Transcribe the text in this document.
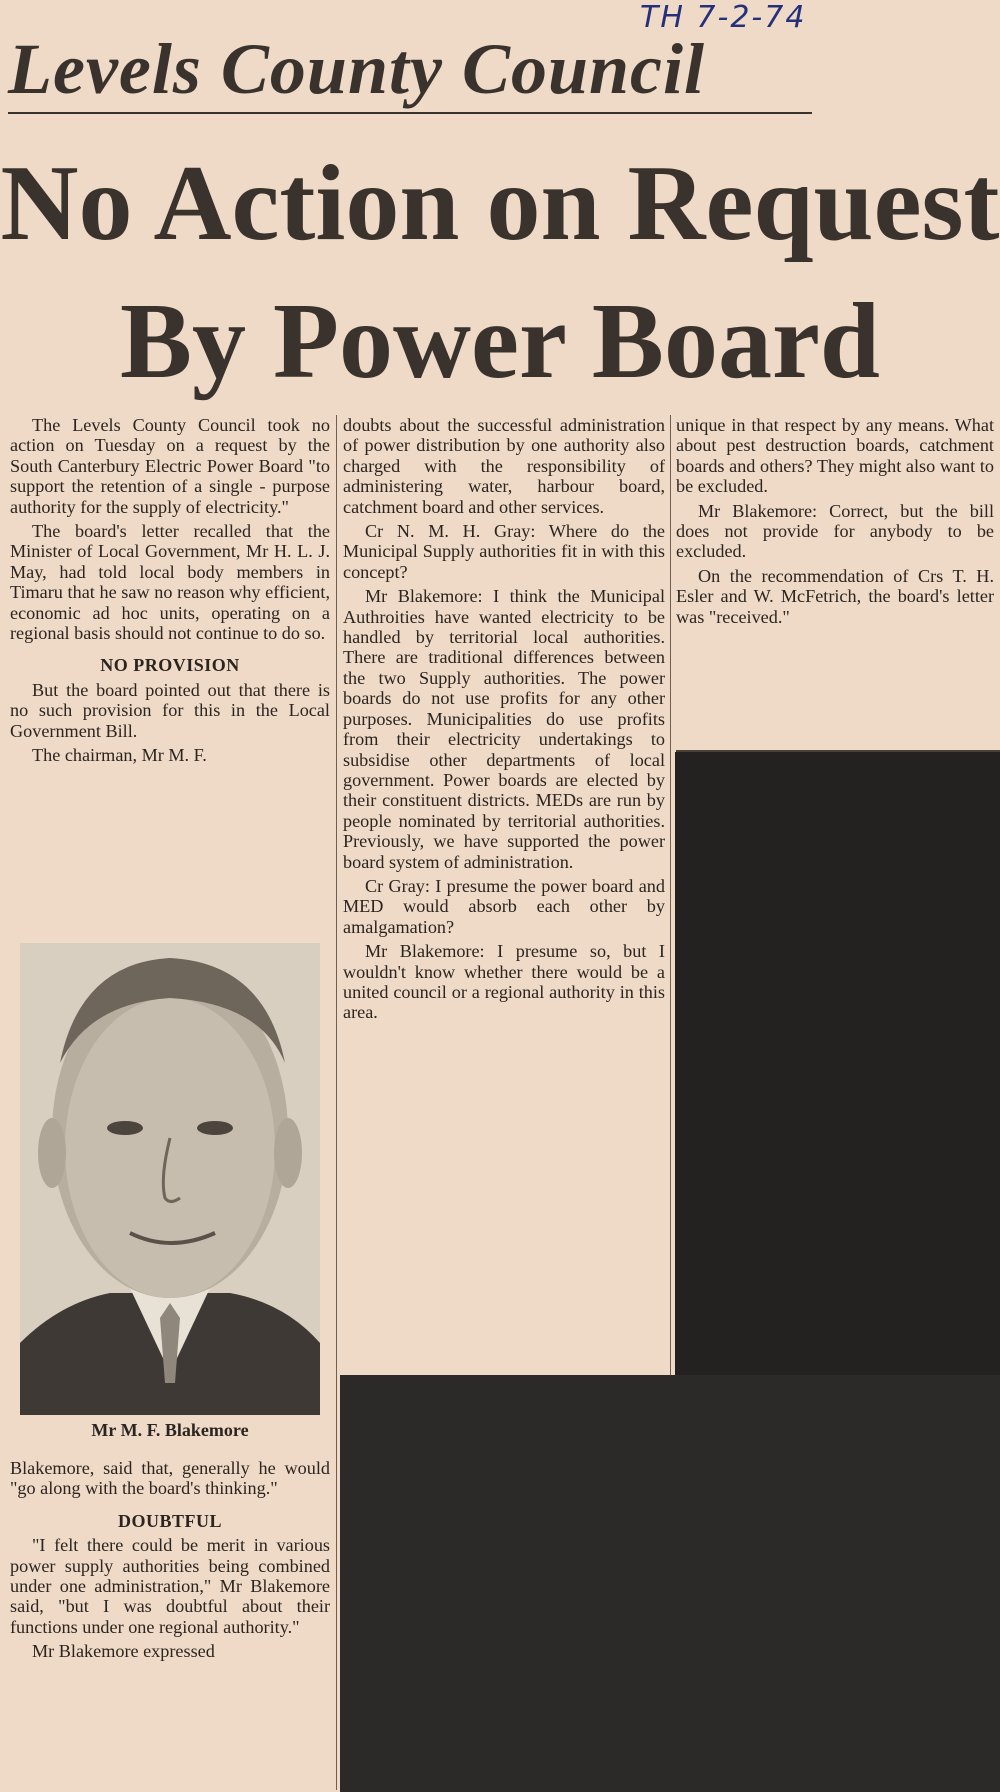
TH 7-2-74
Levels County Council
No Action on Request
By Power Board

The Levels County Council took no action on Tuesday on a request by the South Canterbury Electric Power Board "to support the retention of a single - purpose authority for the supply of electricity."

The board's letter recalled that the Minister of Local Government, Mr H. L. J. May, had told local body members in Timaru that he saw no reason why efficient, economic ad hoc units, operating on a regional basis should not continue to do so.

NO PROVISION

But the board pointed out that there is no such provision for this in the Local Government Bill.

The chairman, Mr M. F.

Mr M. F. Blakemore

Blakemore, said that, generally he would "go along with the board's thinking."

DOUBTFUL

"I felt there could be merit in various power supply authorities being combined under one administration," Mr Blakemore said, "but I was doubtful about their functions under one regional authority."

Mr Blakemore expressed

doubts about the successful administration of power distribution by one authority also charged with the responsibility of administering water, harbour board, catchment board and other services.

Cr N. M. H. Gray: Where do the Municipal Supply authorities fit in with this concept?

Mr Blakemore: I think the Municipal Authroities have wanted electricity to be handled by territorial local authorities. There are traditional differences between the two Supply authorities. The power boards do not use profits for any other purposes. Municipalities do use profits from their electricity undertakings to subsidise other departments of local government. Power boards are elected by their constituent districts. MEDs are run by people nominated by territorial authorities. Previously, we have supported the power board system of administration.

Cr Gray: I presume the power board and MED would absorb each other by amalgamation?

Mr Blakemore: I presume so, but I wouldn't know whether there would be a united council or a regional authority in this area.

unique in that respect by any means. What about pest destruction boards, catchment boards and others? They might also want to be excluded.

Mr Blakemore: Correct, but the bill does not provide for anybody to be excluded.

On the recommendation of Crs T. H. Esler and W. McFetrich, the board's letter was "received."
